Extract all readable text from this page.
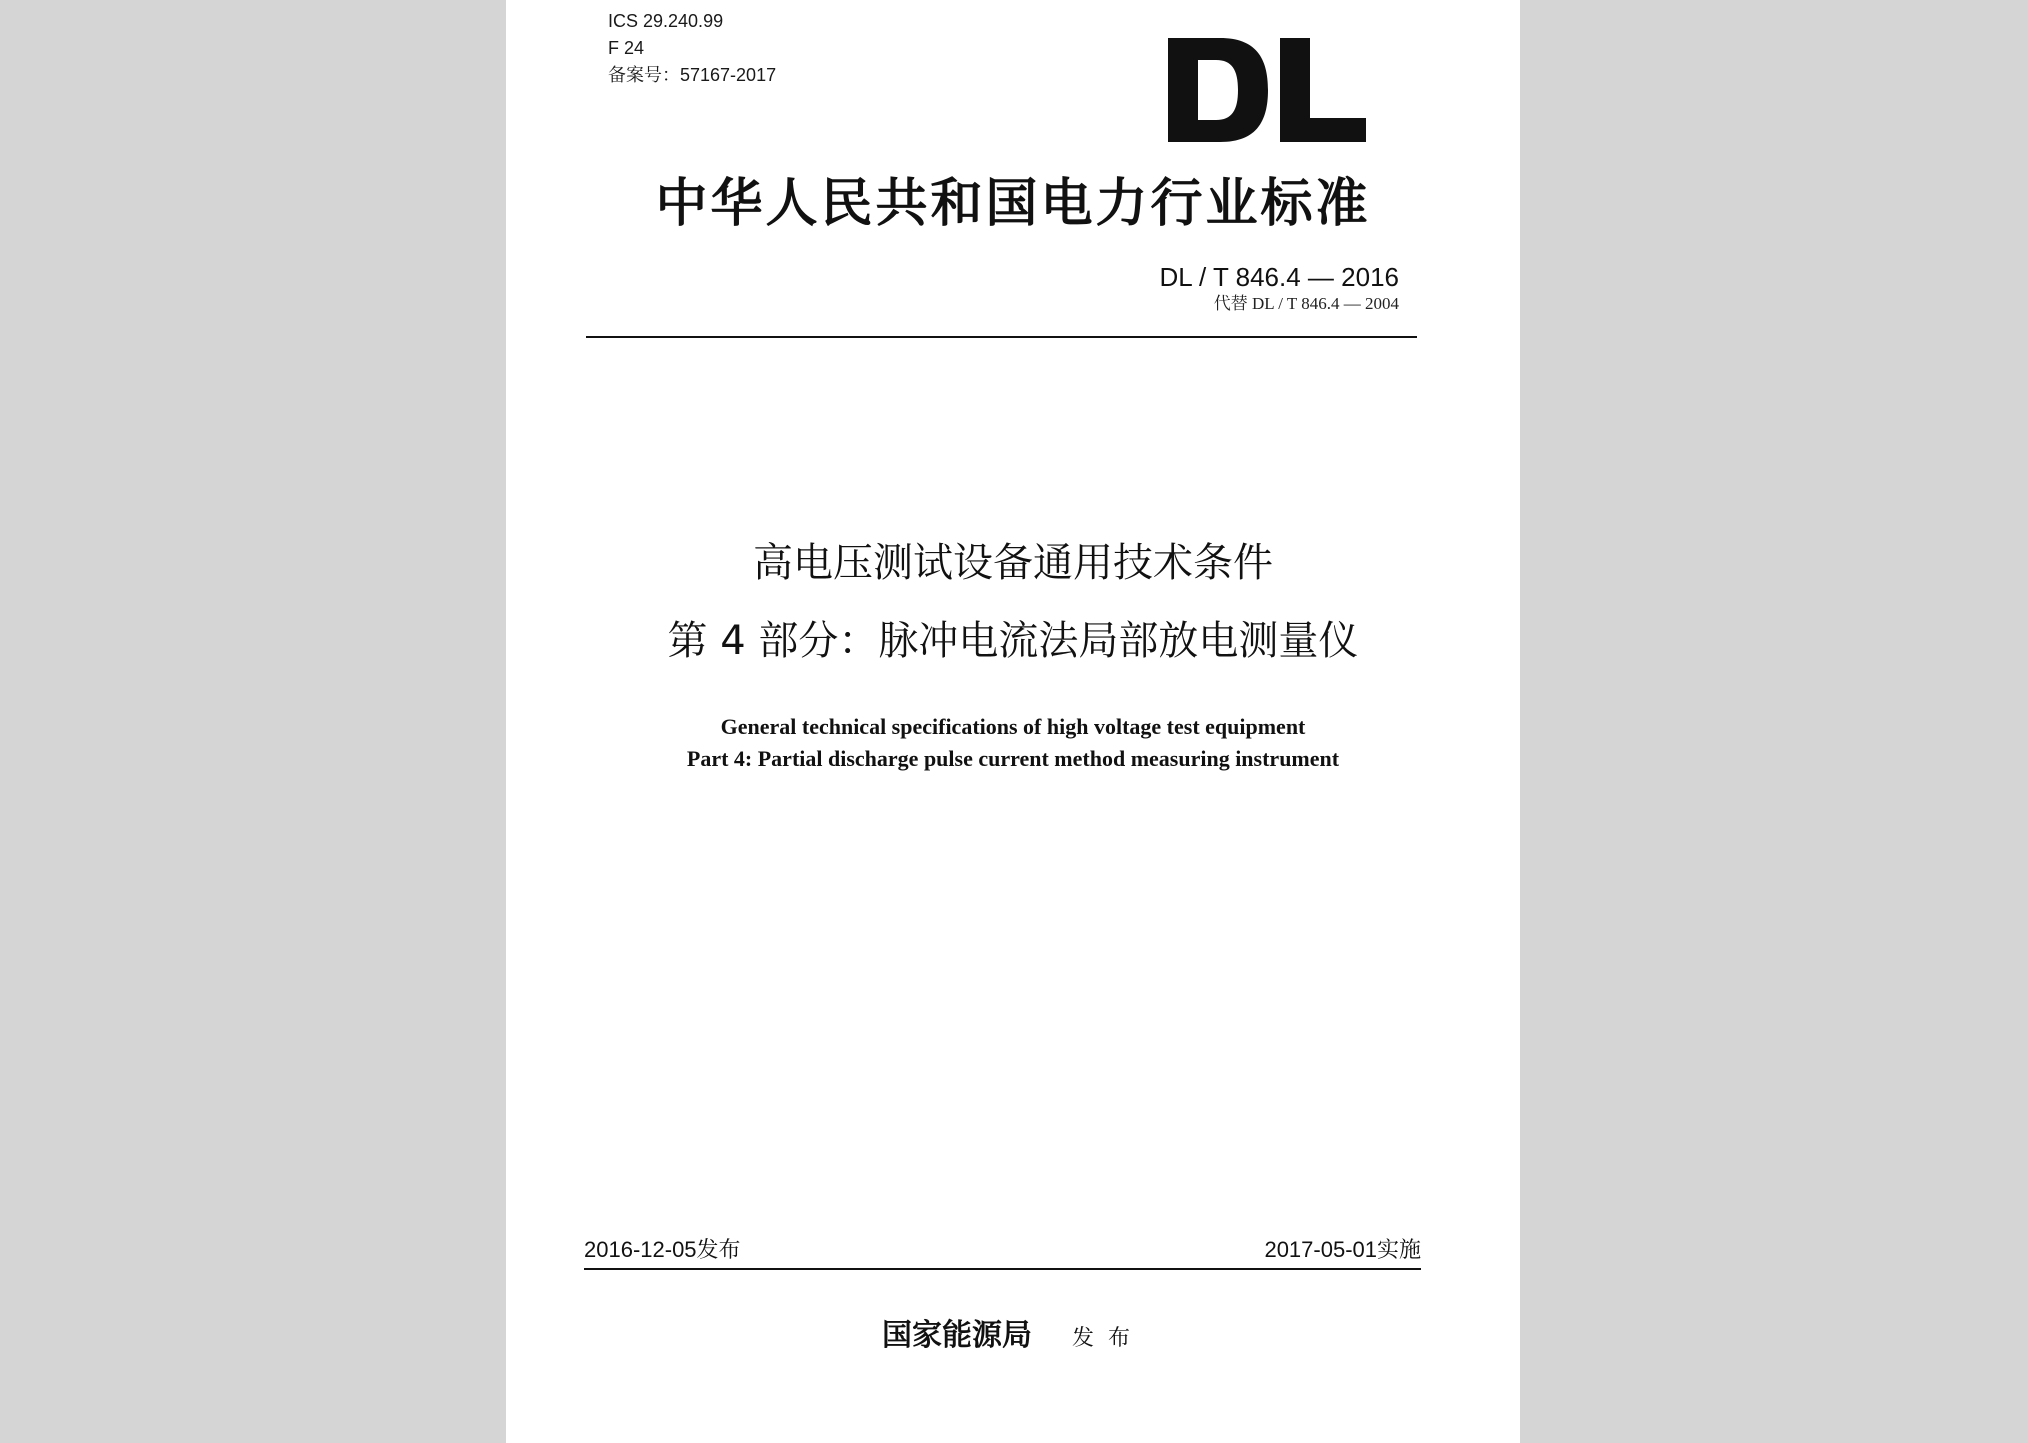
ICS 29.240.99
F 24
备案号：57167-2017
中华人民共和国电力行业标准
DL / T 846.4 — 2016
代替 DL / T 846.4 — 2004
高电压测试设备通用技术条件
第 4 部分：脉冲电流法局部放电测量仪
General technical specifications of high voltage test equipment
Part 4: Partial discharge pulse current method measuring instrument
2016-12-05发布	2017-05-01实施
国家能源局 发布
